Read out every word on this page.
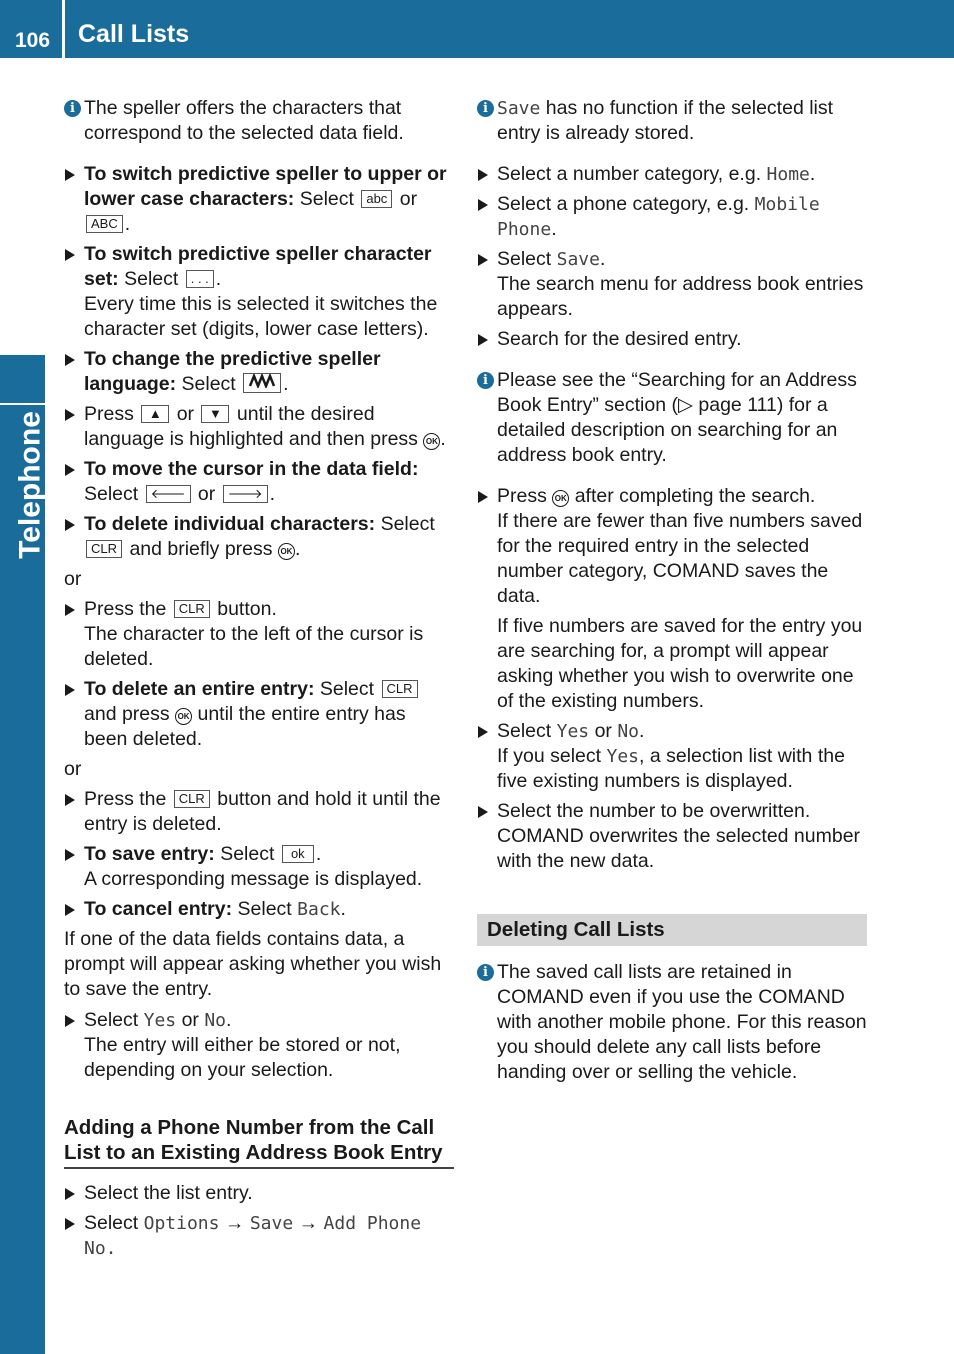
106 Call Lists
Telephone
i The speller offers the characters that correspond to the selected data field.
To switch predictive speller to upper or lower case characters: Select abc or ABC .
To switch predictive speller character set: Select . . . .
Every time this is selected it switches the character set (digits, lower case letters).
To change the predictive speller language: Select .
Press ▲ or ▼ until the desired language is highlighted and then press OK .
To move the cursor in the data field: Select 🡐 or 🡒 .
To delete individual characters: Select CLR and briefly press OK .
or
Press the CLR button.
The character to the left of the cursor is deleted.
To delete an entire entry: Select CLR and press OK until the entire entry has been deleted.
or
Press the CLR button and hold it until the entry is deleted.
To save entry: Select ok .
A corresponding message is displayed.
To cancel entry: Select Back.
If one of the data fields contains data, a prompt will appear asking whether you wish to save the entry.
Select Yes or No.
The entry will either be stored or not, depending on your selection.
Adding a Phone Number from the Call List to an Existing Address Book Entry
Select the list entry.
Select Options → Save → Add Phone No.
i Save has no function if the selected list entry is already stored.
Select a number category, e.g. Home.
Select a phone category, e.g. Mobile Phone.
Select Save.
The search menu for address book entries appears.
Search for the desired entry.
i Please see the “Searching for an Address Book Entry” section (▷ page 111) for a detailed description on searching for an address book entry.
Press OK after completing the search.
If there are fewer than five numbers saved for the required entry in the selected number category, COMAND saves the data.
If five numbers are saved for the entry you are searching for, a prompt will appear asking whether you wish to overwrite one of the existing numbers.
Select Yes or No.
If you select Yes, a selection list with the five existing numbers is displayed.
Select the number to be overwritten.
COMAND overwrites the selected number with the new data.
Deleting Call Lists
i The saved call lists are retained in COMAND even if you use the COMAND with another mobile phone. For this reason you should delete any call lists before handing over or selling the vehicle.
